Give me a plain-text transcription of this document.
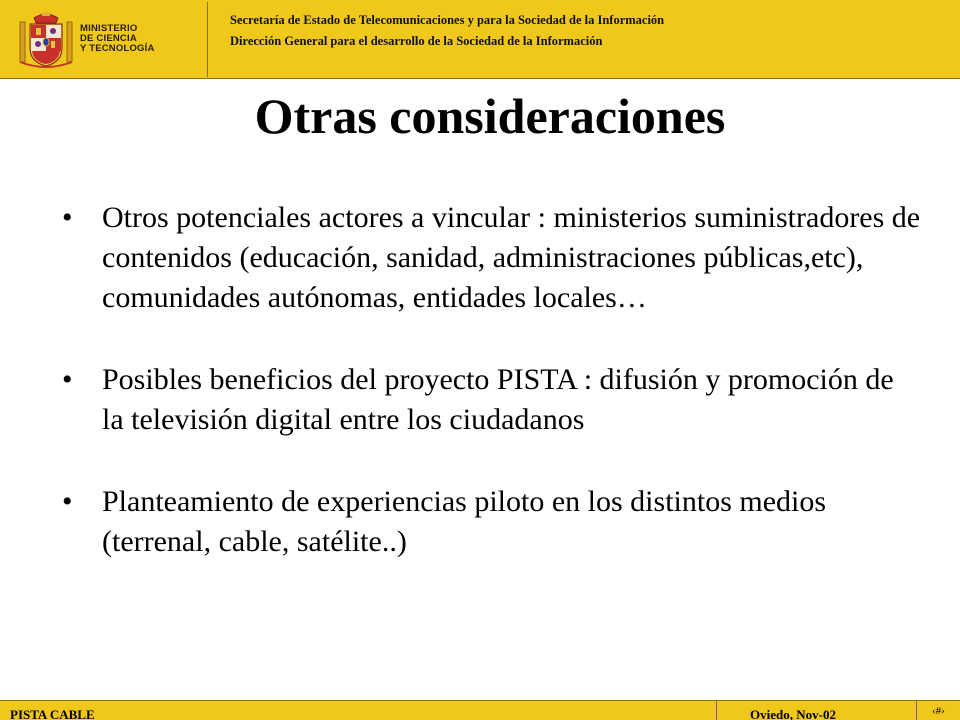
MINISTERIO
DE CIENCIA
Y TECNOLOGÍA
Secretaría de Estado de Telecomunicaciones y para la Sociedad de la Información
Dirección General para el desarrollo de la Sociedad de la Información
Otras consideraciones
• Otros potenciales actores a vincular : ministerios suministradores de contenidos (educación, sanidad, administraciones públicas,etc), comunidades autónomas, entidades locales…
• Posibles beneficios del proyecto PISTA : difusión y promoción de la televisión digital entre los ciudadanos
• Planteamiento de experiencias piloto en los distintos medios (terrenal, cable, satélite..)
PISTA CABLE	Oviedo, Nov-02	‹#›
